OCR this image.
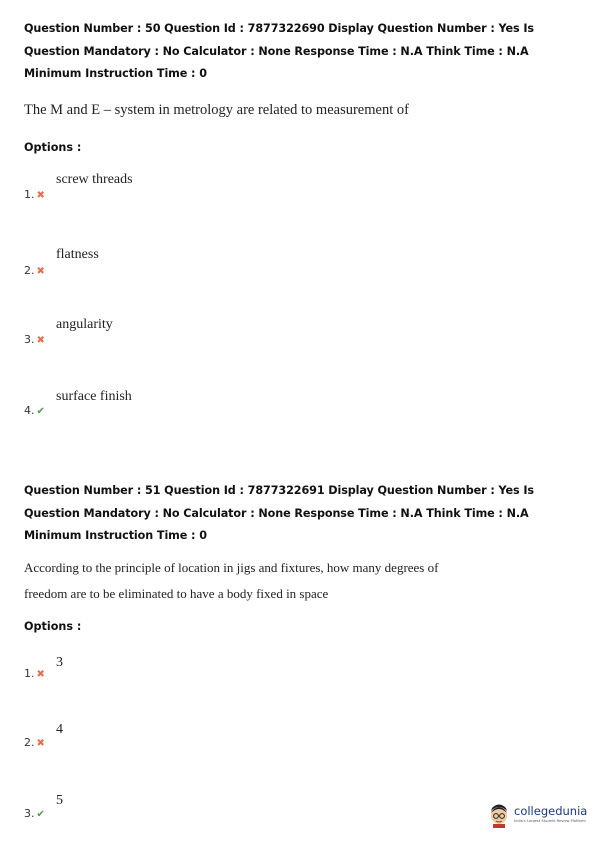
Question Number : 50 Question Id : 7877322690 Display Question Number : Yes Is Question Mandatory : No Calculator : None Response Time : N.A Think Time : N.A Minimum Instruction Time : 0
The M and E – system in metrology are related to measurement of
Options :
screw threads
1. ✖
flatness
2. ✖
angularity
3. ✖
surface finish
4. ✔
Question Number : 51 Question Id : 7877322691 Display Question Number : Yes Is Question Mandatory : No Calculator : None Response Time : N.A Think Time : N.A Minimum Instruction Time : 0
According to the principle of location in jigs and fixtures, how many degrees of
freedom are to be eliminated to have a body fixed in space
Options :
3
1. ✖
4
2. ✖
5
3. ✔	collegedunia
India's Largest Student Review Platform
